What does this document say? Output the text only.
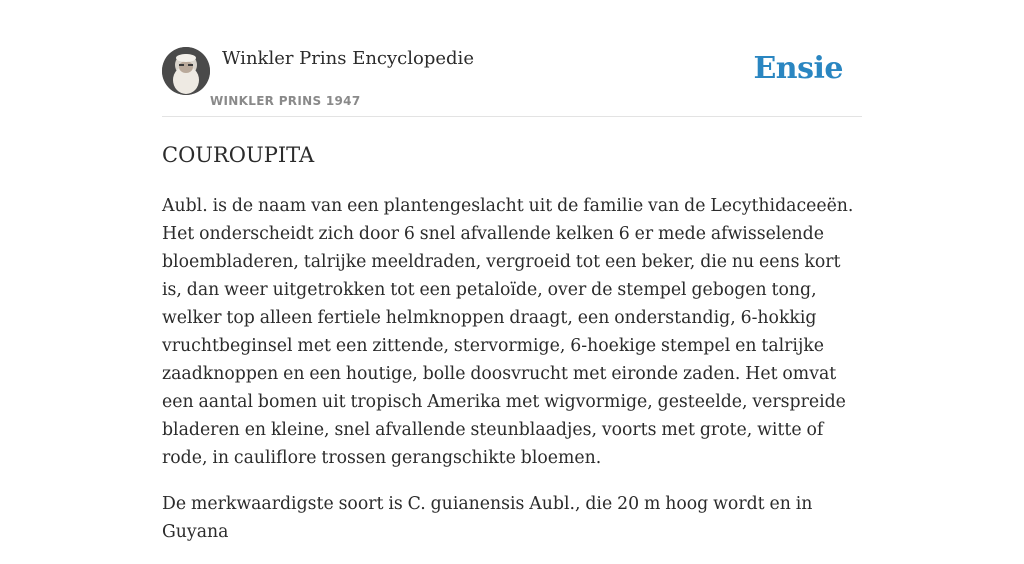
Winkler Prins Encyclopedie
WINKLER PRINS 1947
Ensie
COUROUPITA

Aubl. is de naam van een plantengeslacht uit de familie van de Lecythidaceeën. Het onderscheidt zich door 6 snel afvallende kelken 6 er mede afwisselende bloembladeren, talrijke meeldraden, vergroeid tot een beker, die nu eens kort is, dan weer uitgetrokken tot een petaloïde, over de stempel gebogen tong, welker top alleen fertiele helmknoppen draagt, een onderstandig, 6-hokkig vruchtbeginsel met een zittende, stervormige, 6-hoekige stempel en talrijke zaadknoppen en een houtige, bolle doosvrucht met eironde zaden. Het omvat een aantal bomen uit tropisch Amerika met wigvormige, gesteelde, verspreide bladeren en kleine, snel afvallende steunblaadjes, voorts met grote, witte of rode, in cauliflore trossen gerangschikte bloemen.

De merkwaardigste soort is C. guianensis Aubl., die 20 m hoog wordt en in Guyana
